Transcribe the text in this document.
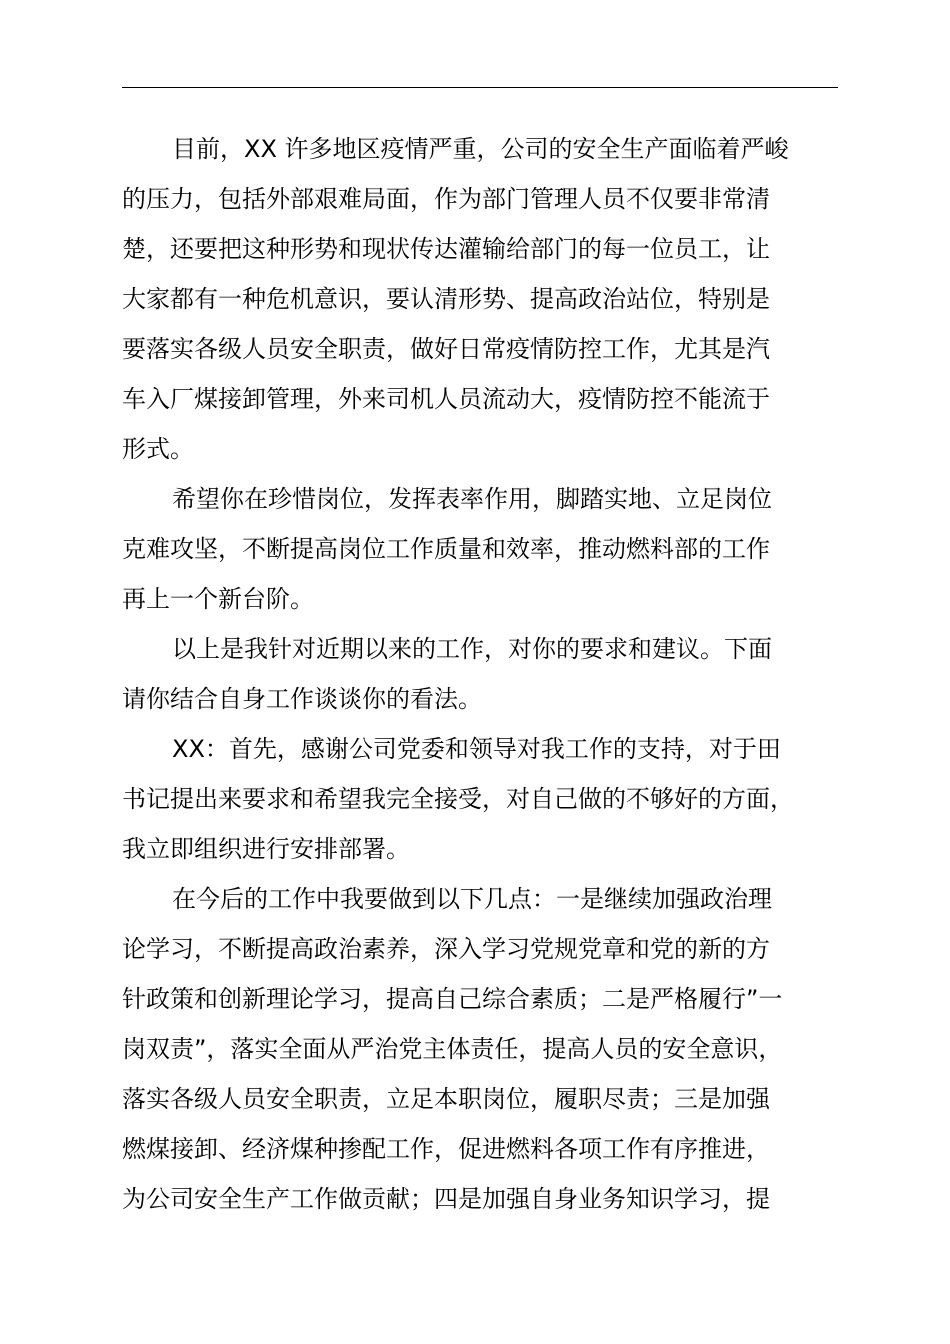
目前，XX 许多地区疫情严重，公司的安全生产面临着严峻
的压力，包括外部艰难局面，作为部门管理人员不仅要非常清
楚，还要把这种形势和现状传达灌输给部门的每一位员工，让
大家都有一种危机意识，要认清形势、提高政治站位，特别是
要落实各级人员安全职责，做好日常疫情防控工作，尤其是汽
车入厂煤接卸管理，外来司机人员流动大，疫情防控不能流于
形式。

希望你在珍惜岗位，发挥表率作用，脚踏实地、立足岗位
克难攻坚，不断提高岗位工作质量和效率，推动燃料部的工作
再上一个新台阶。

以上是我针对近期以来的工作，对你的要求和建议。下面
请你结合自身工作谈谈你的看法。

XX：首先，感谢公司党委和领导对我工作的支持，对于田
书记提出来要求和希望我完全接受，对自己做的不够好的方面，
我立即组织进行安排部署。

在今后的工作中我要做到以下几点：一是继续加强政治理
论学习，不断提高政治素养，深入学习党规党章和党的新的方
针政策和创新理论学习，提高自己综合素质；二是严格履行”一
岗双责”，落实全面从严治党主体责任，提高人员的安全意识，
落实各级人员安全职责，立足本职岗位，履职尽责；三是加强
燃煤接卸、经济煤种掺配工作，促进燃料各项工作有序推进，
为公司安全生产工作做贡献；四是加强自身业务知识学习，提
